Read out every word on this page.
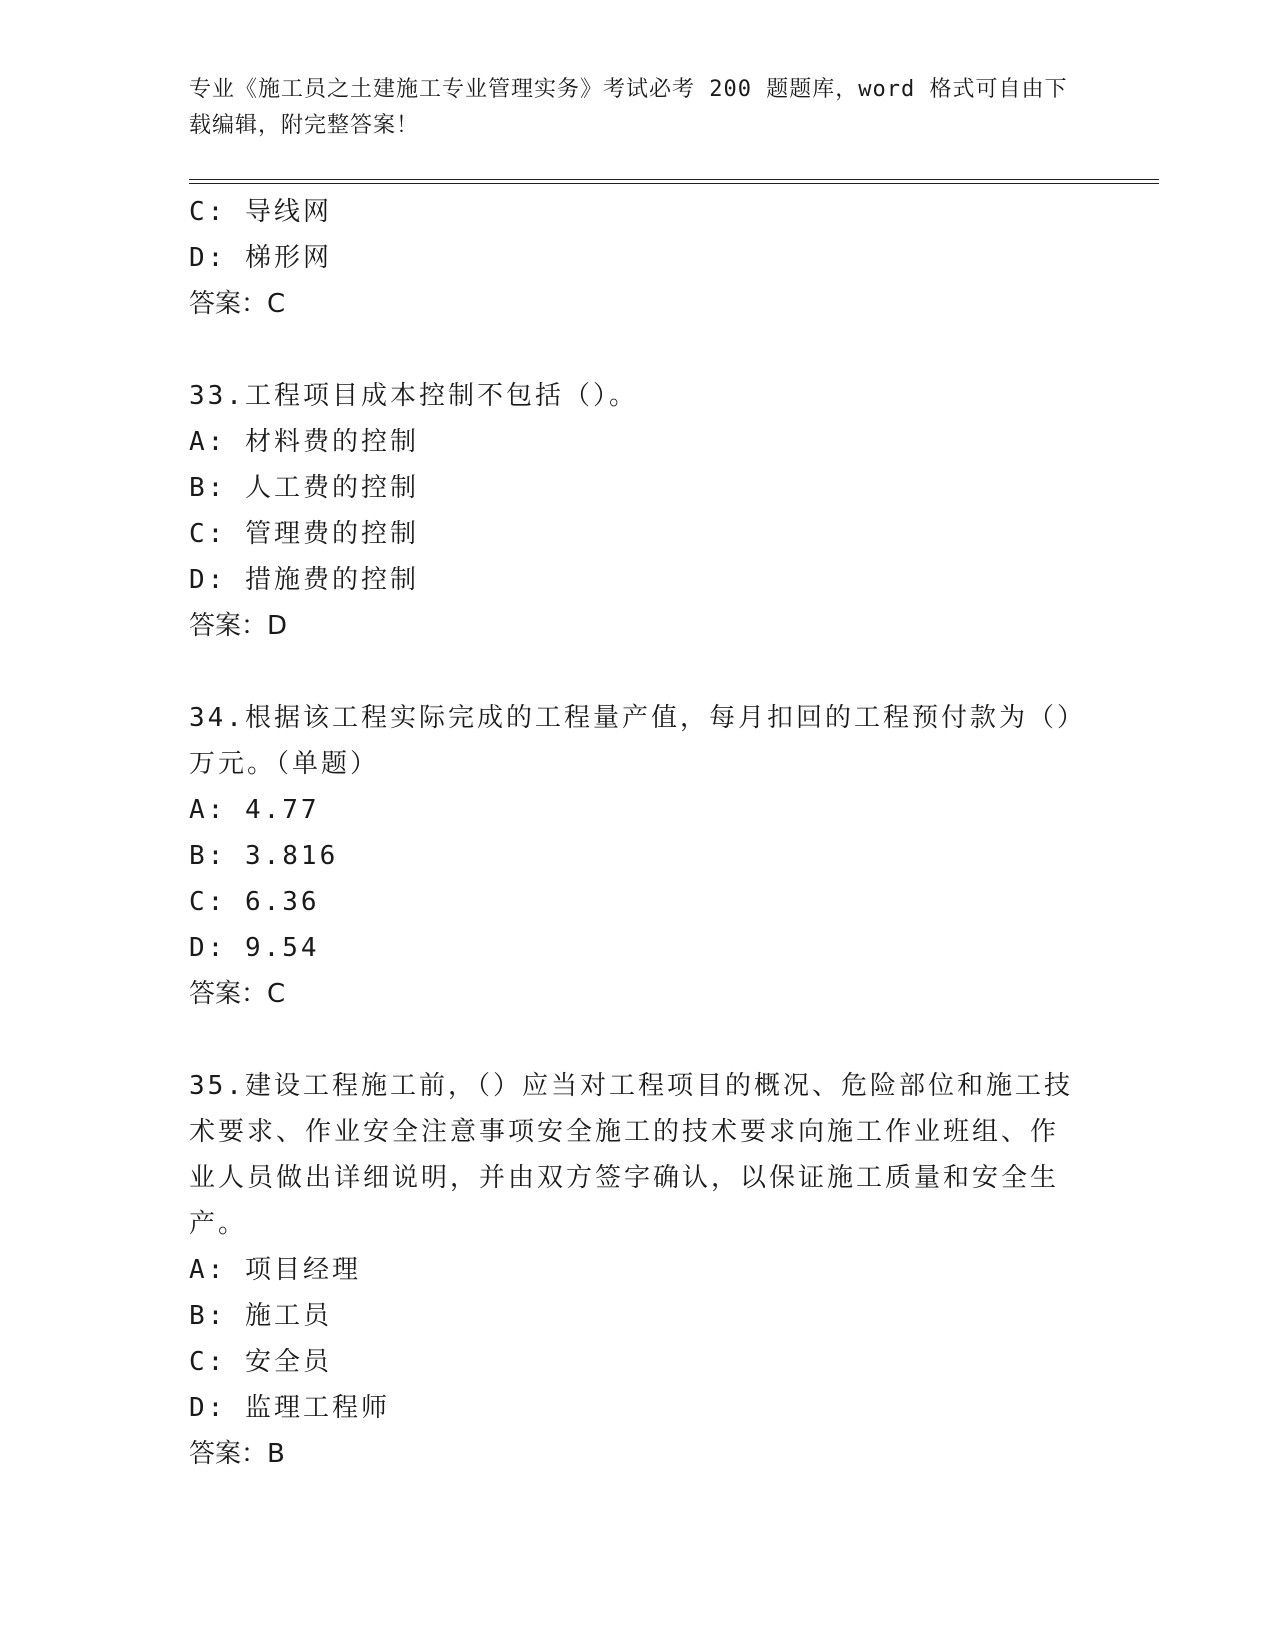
专业《施工员之土建施工专业管理实务》考试必考 200 题题库，word 格式可自由下载编辑，附完整答案！
C: 导线网
D: 梯形网
答案：C
33.工程项目成本控制不包括（）。
A: 材料费的控制
B: 人工费的控制
C: 管理费的控制
D: 措施费的控制
答案：D
34.根据该工程实际完成的工程量产值，每月扣回的工程预付款为（）
万元。（单题）
A: 4.77
B: 3.816
C: 6.36
D: 9.54
答案：C
35.建设工程施工前，（）应当对工程项目的概况、危险部位和施工技
术要求、作业安全注意事项安全施工的技术要求向施工作业班组、作
业人员做出详细说明，并由双方签字确认，以保证施工质量和安全生
产。
A: 项目经理
B: 施工员
C: 安全员
D: 监理工程师
答案：B
